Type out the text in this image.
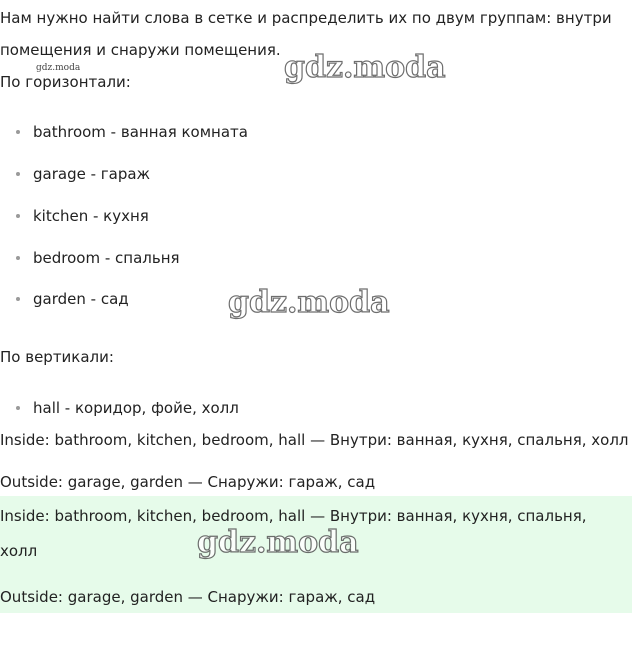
Нам нужно найти слова в сетке и распределить их по двум группам: внутри
помещения и снаружи помещения.
По горизонтали:
bathroom - ванная комната
garage - гараж
kitchen - кухня
bedroom - спальня
garden - сад
По вертикали:
hall - коридор, фойе, холл
Inside: bathroom, kitchen, bedroom, hall — Внутри: ванная, кухня, спальня, холл
Outside: garage, garden — Снаружи: гараж, сад
Inside: bathroom, kitchen, bedroom, hall — Внутри: ванная, кухня, спальня,
холл
Outside: garage, garden — Снаружи: гараж, сад
gdz.moda	gdz.moda
gdz.moda
gdz.moda
